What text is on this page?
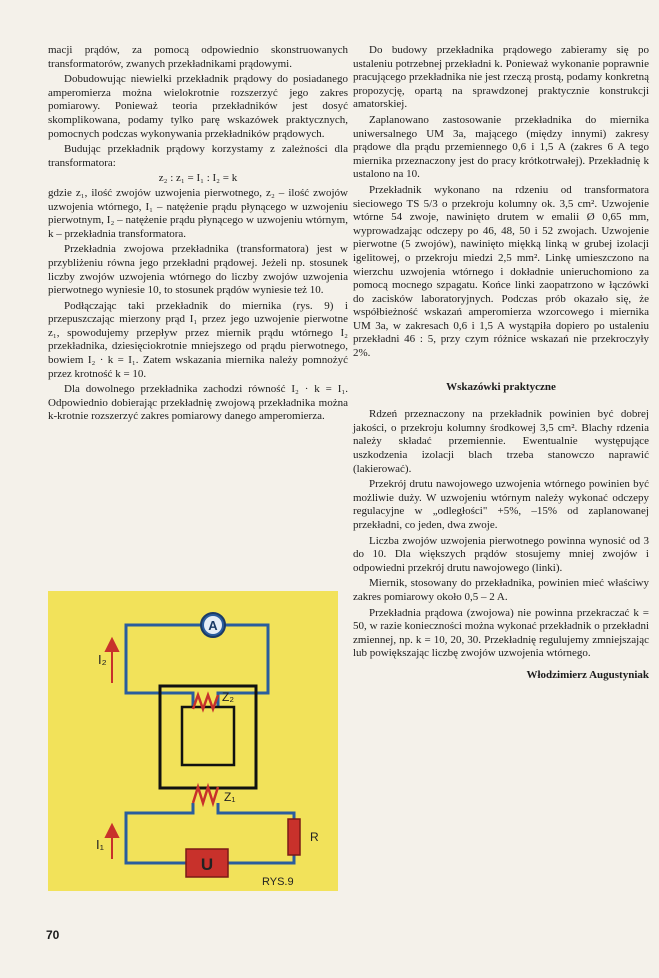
macji prądów, za pomocą odpowiednio skonstruowanych transformatorów, zwanych przekładnikami prądowymi.

Dobudowując niewielki przekładnik prądowy do posiadanego amperomierza można wielokrotnie rozszerzyć jego zakres pomiarowy. Ponieważ teoria przekładników jest dosyć skomplikowana, podamy tylko parę wskazówek praktycznych, pomocnych podczas wykonywania przekładników prądowych.

Budując przekładnik prądowy korzystamy z zależności dla transformatora:

z₂ : z₁ = I₁ : I₂ = k

gdzie z₁, ilość zwojów uzwojenia pierwotnego, z₂ – ilość zwojów uzwojenia wtórnego, I₁ – natężenie prądu płynącego w uzwojeniu pierwotnym, I₂ – natężenie prądu płynącego w uzwojeniu wtórnym, k – przekładnia transformatora.

Przekładnia zwojowa przekładnika (transformatora) jest w przybliżeniu równa jego przekładni prądowej. Jeżeli np. stosunek liczby zwojów uzwojenia wtórnego do liczby zwojów uzwojenia pierwotnego wyniesie 10, to stosunek prądów wyniesie też 10.

Podłączając taki przekładnik do miernika (rys. 9) i przepuszczając mierzony prąd I₁ przez jego uzwojenie pierwotne z₁, spowodujemy przepływ przez miernik prądu wtórnego I₂ przekładnika, dziesięciokrotnie mniejszego od prądu pierwotnego, bowiem I₂ · k = I₁. Zatem wskazania miernika należy pomnożyć przez krotność k = 10.

Dla dowolnego przekładnika zachodzi równość I₂ · k = I₁. Odpowiednio dobierając przekładnię zwojową przekładnika można k-krotnie rozszerzyć zakres pomiarowy danego amperomierza.

A
R
U
I₂
I₁
Z₂
Z₁
RYS.9

Do budowy przekładnika prądowego zabieramy się po ustaleniu potrzebnej przekładni k. Ponieważ wykonanie poprawnie pracującego przekładnika nie jest rzeczą prostą, podamy konkretną propozycję, opartą na sprawdzonej praktycznie konstrukcji amatorskiej.

Zaplanowano zastosowanie przekładnika do miernika uniwersalnego UM 3a, mającego (między innymi) zakresy prądowe dla prądu przemiennego 0,6 i 1,5 A (zakres 6 A tego miernika przeznaczony jest do pracy krótkotrwałej). Przekładnię k ustalono na 10.

Przekładnik wykonano na rdzeniu od transformatora sieciowego TS 5/3 o przekroju kolumny ok. 3,5 cm². Uzwojenie wtórne 54 zwoje, nawinięto drutem w emalii Ø 0,65 mm, wyprowadzając odczepy po 46, 48, 50 i 52 zwojach. Uzwojenie pierwotne (5 zwojów), nawinięto miękką linką w grubej izolacji igelitowej, o przekroju miedzi 2,5 mm². Linkę umieszczono na wierzchu uzwojenia wtórnego i dokładnie unieruchomiono za pomocą mocnego szpagatu. Końce linki zaopatrzono w łączówki do zacisków laboratoryjnych. Podczas prób okazało się, że współbieżność wskazań amperomierza wzorcowego i miernika UM 3a, w zakresach 0,6 i 1,5 A wystąpiła dopiero po ustaleniu przekładni 46 : 5, przy czym różnice wskazań nie przekroczyły 2%.

Wskazówki praktyczne

Rdzeń przeznaczony na przekładnik powinien być dobrej jakości, o przekroju kolumny środkowej 3,5 cm². Blachy rdzenia należy składać przemiennie. Ewentualnie występujące uszkodzenia izolacji blach trzeba stanowczo naprawić (lakierować).

Przekrój drutu nawojowego uzwojenia wtórnego powinien być możliwie duży. W uzwojeniu wtórnym należy wykonać odczepy regulacyjne w „odległości" +5%, –15% od zaplanowanej przekładni, co jeden, dwa zwoje.

Liczba zwojów uzwojenia pierwotnego powinna wynosić od 3 do 10. Dla większych prądów stosujemy mniej zwojów i odpowiedni przekrój drutu nawojowego (linki).

Miernik, stosowany do przekładnika, powinien mieć właściwy zakres pomiarowy około 0,5 – 2 A.

Przekładnia prądowa (zwojowa) nie powinna przekraczać k = 50, w razie konieczności można wykonać przekładnik o przekładni zmiennej, np. k = 10, 20, 30. Przekładnię regulujemy zmniejszając lub powiększając liczbę zwojów uzwojenia wtórnego.

Włodzimierz Augustyniak
70
